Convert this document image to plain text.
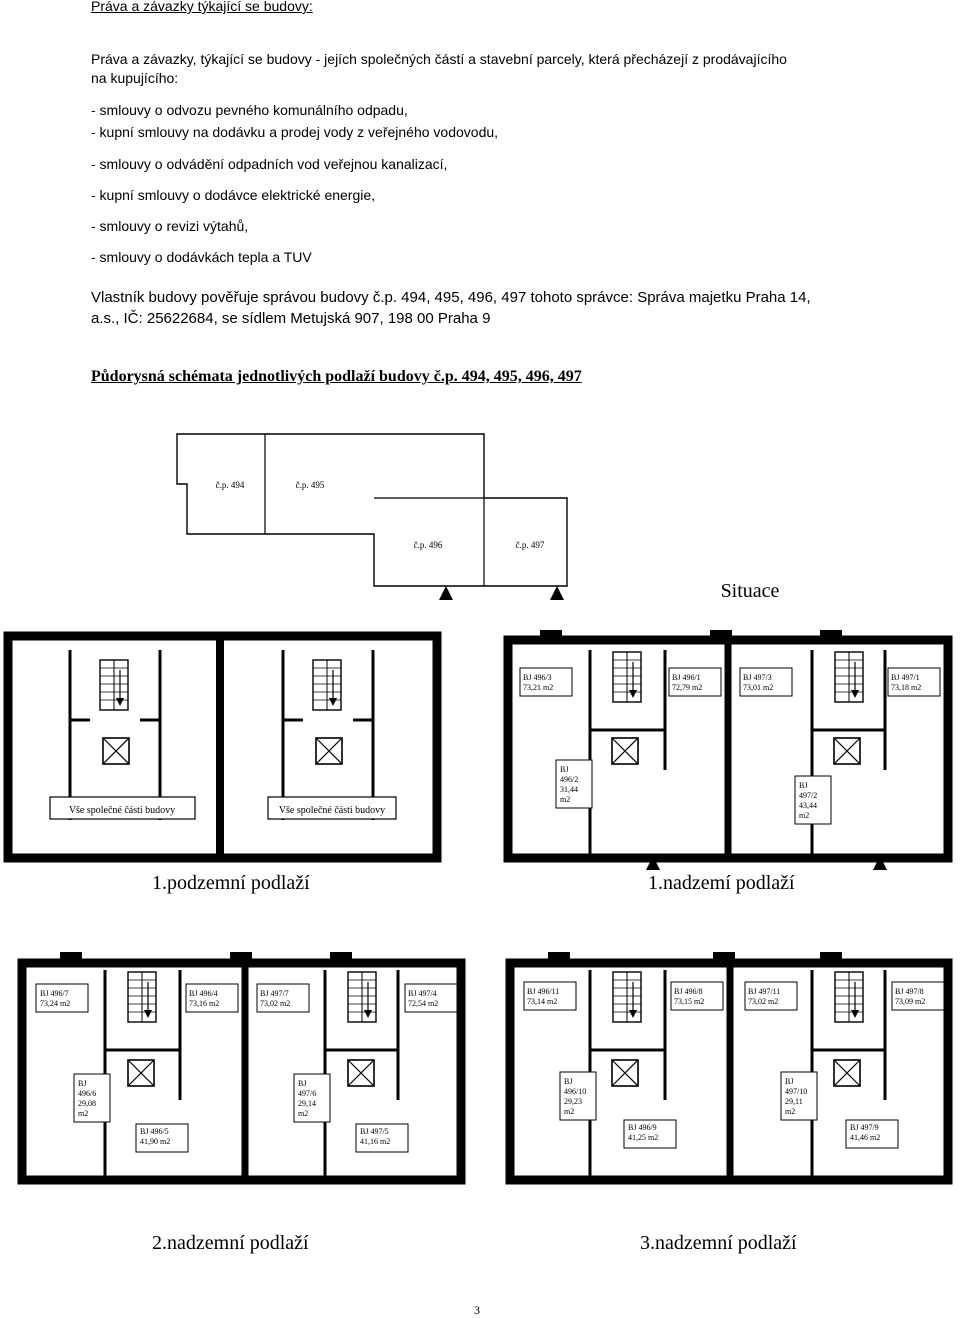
Práva a závazky týkající se budovy:
Práva a závazky, týkající se budovy - jejích společných částí a stavební parcely, která přecházejí z prodávajícího
na kupujícího:
- smlouvy o odvozu pevného komunálního odpadu,
- kupní smlouvy na dodávku a prodej vody z veřejného vodovodu,
- smlouvy o odvádění odpadních vod veřejnou kanalizací,
- kupní smlouvy o dodávce elektrické energie,
- smlouvy o revizi výtahů,
- smlouvy o dodávkách tepla a TUV
Vlastník budovy pověřuje správou budovy č.p. 494, 495, 496, 497 tohoto správce: Správa majetku Praha 14,
a.s., IČ: 25622684, se sídlem Metujská 907, 198 00 Praha 9
Půdorysná schémata jednotlivých podlaží budovy č.p. 494, 495, 496, 497
č.p. 494	č.p. 495
č.p. 496	č.p. 497
Situace
Vše společné části budovy	Vše společné části budovy
BJ 496/3 73,21 m2
BJ 496/1 72,79 m2
BJ 497/3 73,01 m2
BJ 497/1 73,18 m2
BJ 496/2 31,44 m2
BJ 497/2 43,44 m2
BJ 496/7 73,24 m2
BJ 496/4 73,16 m2
BJ 497/7 73,02 m2
BJ 497/4 72,54 m2
BJ 496/6 29,08 m2
BJ 496/5 41,90 m2
BJ 497/6 29,14 m2
BJ 497/5 41,16 m2
BJ 496/11 73,14 m2
BJ 496/8 73,15 m2
BJ 497/11 73,02 m2
BJ 497/8 73,09 m2
BJ 496/10 29,23 m2
BJ 496/9 41,25 m2
BJ 497/10 29,11 m2
BJ 497/9 41,46 m2
1.podzemní podlaží	1.nadzemí podlaží
2.nadzemní podlaží	3.nadzemní podlaží
3
